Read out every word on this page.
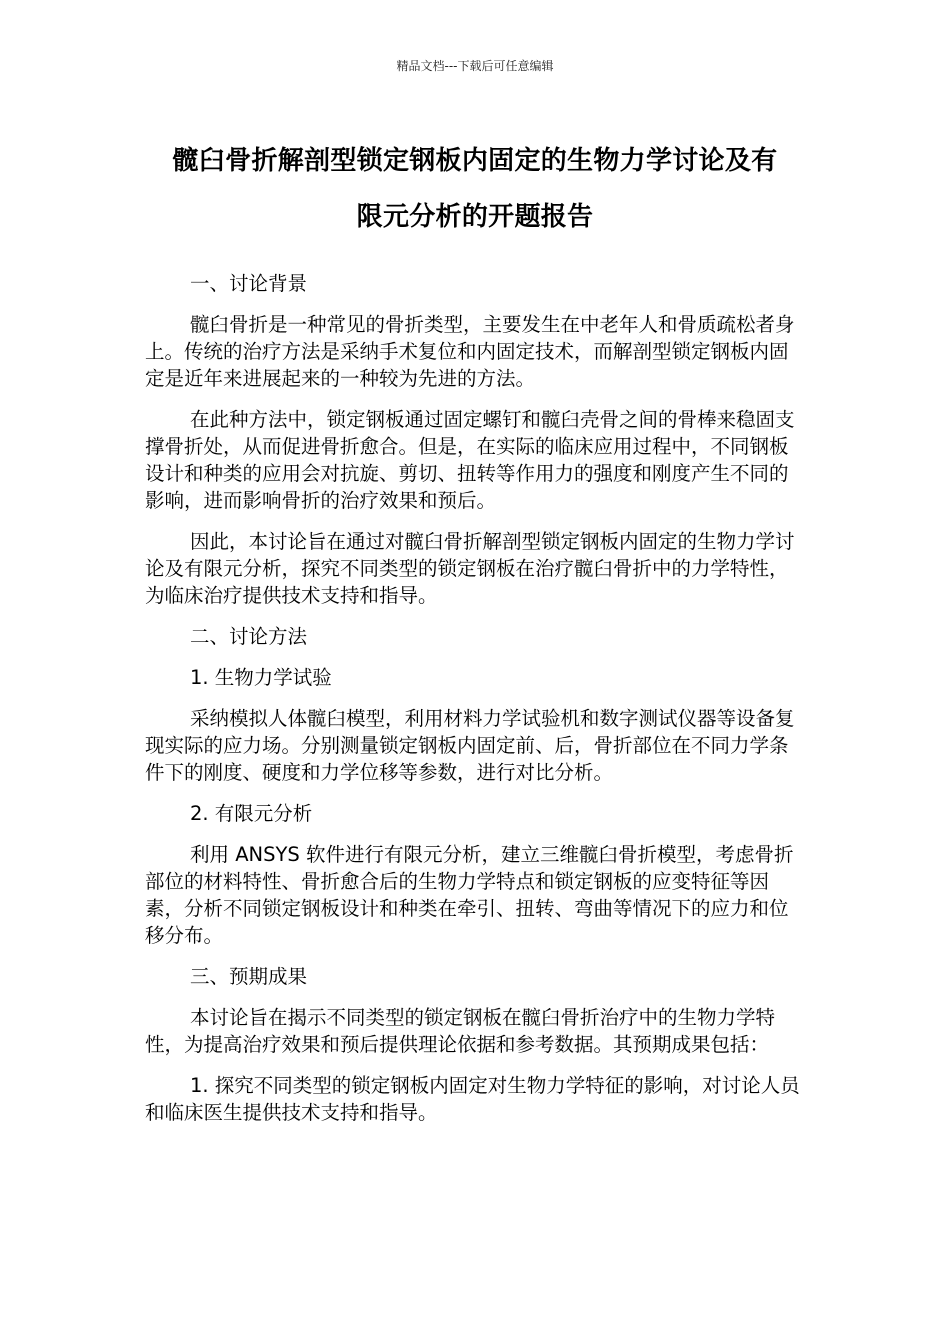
精品文档---下载后可任意编辑
髋臼骨折解剖型锁定钢板内固定的生物力学讨论及有
限元分析的开题报告

一、讨论背景

髋臼骨折是一种常见的骨折类型，主要发生在中老年人和骨质疏松者身上。传统的治疗方法是采纳手术复位和内固定技术，而解剖型锁定钢板内固定是近年来进展起来的一种较为先进的方法。

在此种方法中，锁定钢板通过固定螺钉和髋臼壳骨之间的骨棒来稳固支撑骨折处，从而促进骨折愈合。但是，在实际的临床应用过程中，不同钢板设计和种类的应用会对抗旋、剪切、扭转等作用力的强度和刚度产生不同的影响，进而影响骨折的治疗效果和预后。

因此，本讨论旨在通过对髋臼骨折解剖型锁定钢板内固定的生物力学讨论及有限元分析，探究不同类型的锁定钢板在治疗髋臼骨折中的力学特性，为临床治疗提供技术支持和指导。

二、讨论方法

1. 生物力学试验

采纳模拟人体髋臼模型，利用材料力学试验机和数字测试仪器等设备复现实际的应力场。分别测量锁定钢板内固定前、后，骨折部位在不同力学条件下的刚度、硬度和力学位移等参数，进行对比分析。

2. 有限元分析

利用 ANSYS 软件进行有限元分析，建立三维髋臼骨折模型，考虑骨折部位的材料特性、骨折愈合后的生物力学特点和锁定钢板的应变特征等因素，分析不同锁定钢板设计和种类在牵引、扭转、弯曲等情况下的应力和位移分布。

三、预期成果

本讨论旨在揭示不同类型的锁定钢板在髋臼骨折治疗中的生物力学特性，为提高治疗效果和预后提供理论依据和参考数据。其预期成果包括：

1. 探究不同类型的锁定钢板内固定对生物力学特征的影响，对讨论人员和临床医生提供技术支持和指导。
